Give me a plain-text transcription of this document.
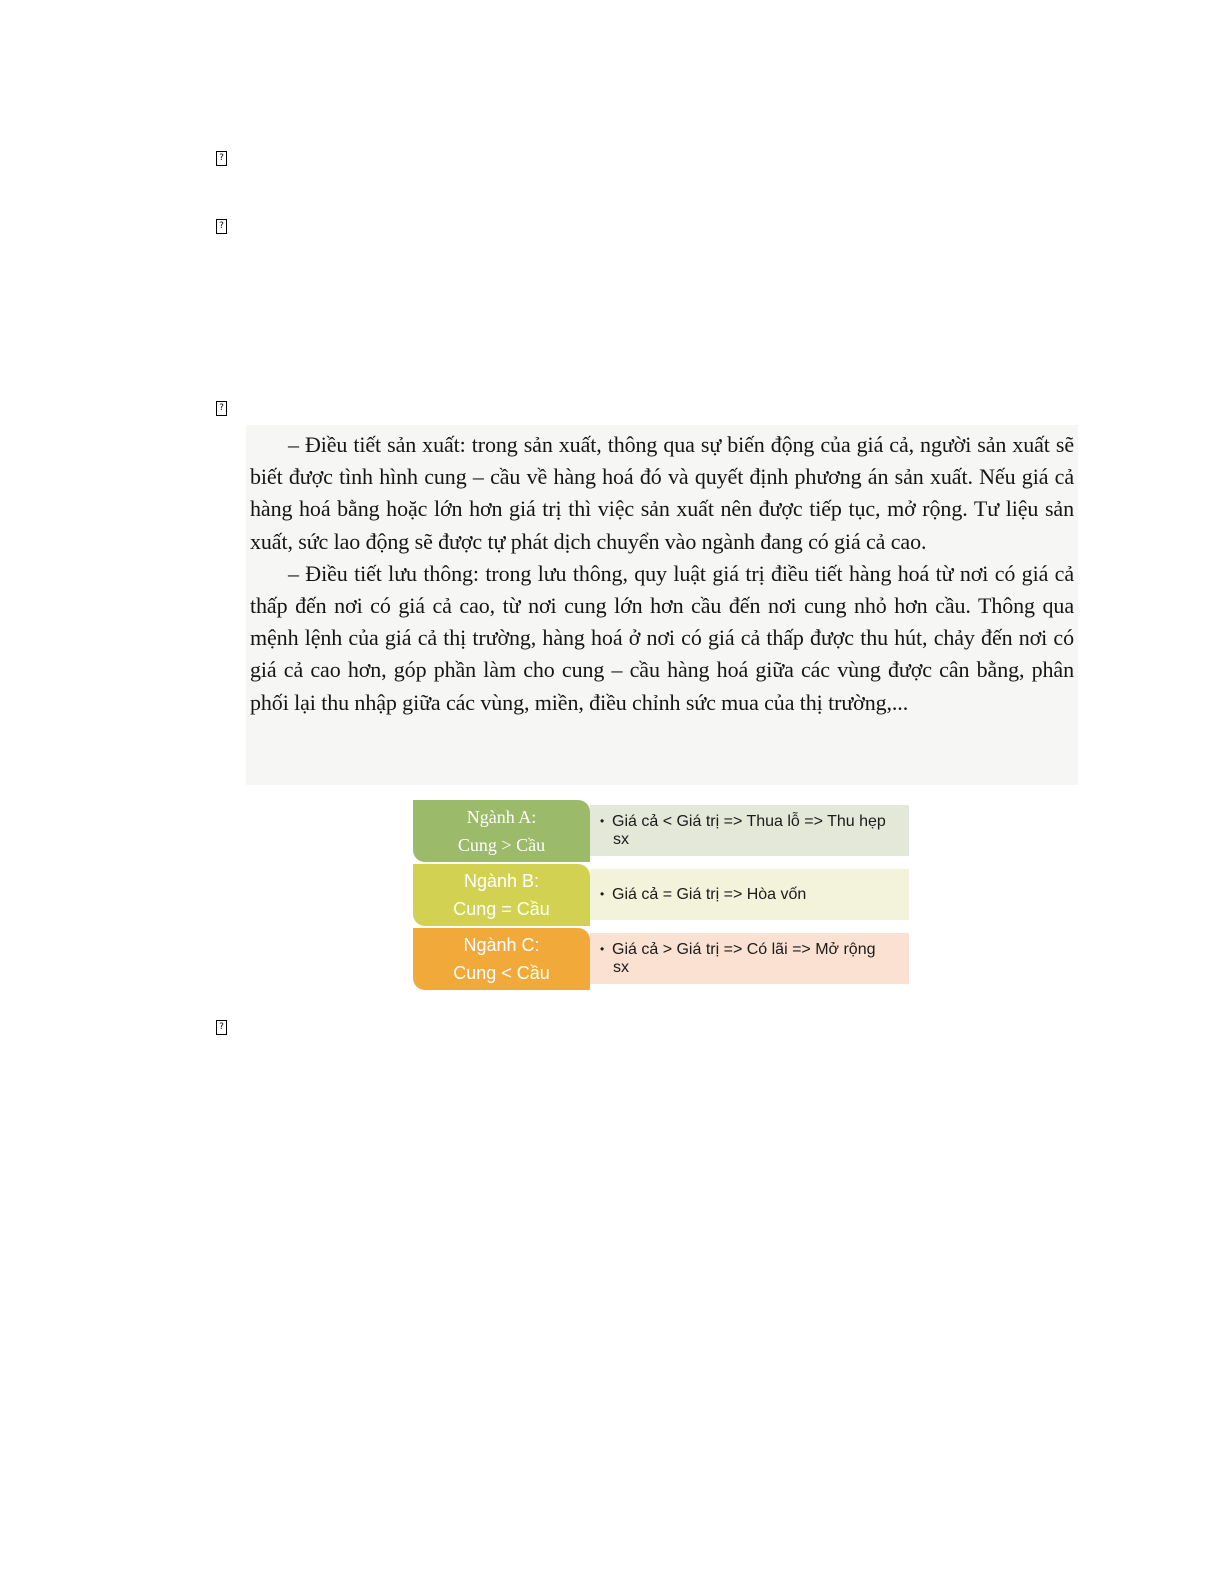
?
?
?
?

– Điều tiết sản xuất: trong sản xuất, thông qua sự biến động của giá cả, người sản xuất sẽ biết được tình hình cung – cầu về hàng hoá đó và quyết định phương án sản xuất. Nếu giá cả hàng hoá bằng hoặc lớn hơn giá trị thì việc sản xuất nên được tiếp tục, mở rộng. Tư liệu sản xuất, sức lao động sẽ được tự phát dịch chuyển vào ngành đang có giá cả cao.

– Điều tiết lưu thông: trong lưu thông, quy luật giá trị điều tiết hàng hoá từ nơi có giá cả thấp đến nơi có giá cả cao, từ nơi cung lớn hơn cầu đến nơi cung nhỏ hơn cầu. Thông qua mệnh lệnh của giá cả thị trường, hàng hoá ở nơi có giá cả thấp được thu hút, chảy đến nơi có giá cả cao hơn, góp phần làm cho cung – cầu hàng hoá giữa các vùng được cân bằng, phân phối lại thu nhập giữa các vùng, miền, điều chỉnh sức mua của thị trường,...

• Giá cả < Giá trị => Thua lỗ => Thu hẹp
sx
Ngành A:
Cung > Cầu
• Giá cả = Giá trị => Hòa vốn
Ngành B:
Cung = Cầu
• Giá cả > Giá trị => Có lãi => Mở rộng
sx
Ngành C:
Cung < Cầu
